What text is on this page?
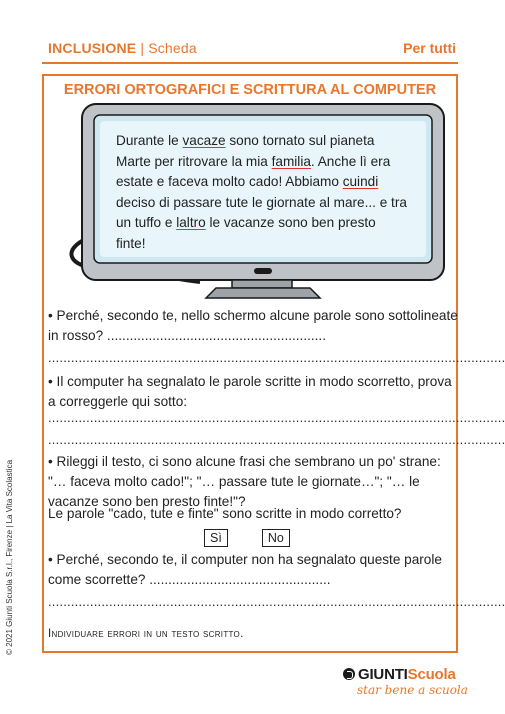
INCLUSIONE | Scheda	Per tutti
ERRORI ORTOGRAFICI E SCRITTURA AL COMPUTER
Durante le vacaze sono tornato sul pianeta Marte per ritrovare la mia familia. Anche lì era estate e faceva molto cado! Abbiamo cuindi deciso di passare tute le giornate al mare... e tra un tuffo e laltro le vacanze sono ben presto finte!
• Perché, secondo te, nello schermo alcune parole sono sottolineate in rosso? ..........................................................
........................................................................................................................
• Il computer ha segnalato le parole scritte in modo scorretto, prova a correggerle qui sotto:
........................................................................................................................
........................................................................................................................
• Rileggi il testo, ci sono alcune frasi che sembrano un po' strane: "… faceva molto cado!"; "… passare tute le giornate…"; "… le vacanze sono ben presto finte!"?
Le parole "cado, tute e finte" sono scritte in modo corretto?
Sì	No
• Perché, secondo te, il computer non ha segnalato queste parole come scorrette? ................................................
........................................................................................................................
Individuare errori in un testo scritto.
© 2021 Giunti Scuola S.r.l., Firenze | La Vita Scolastica
GIUNTIScuola
star bene a scuola
